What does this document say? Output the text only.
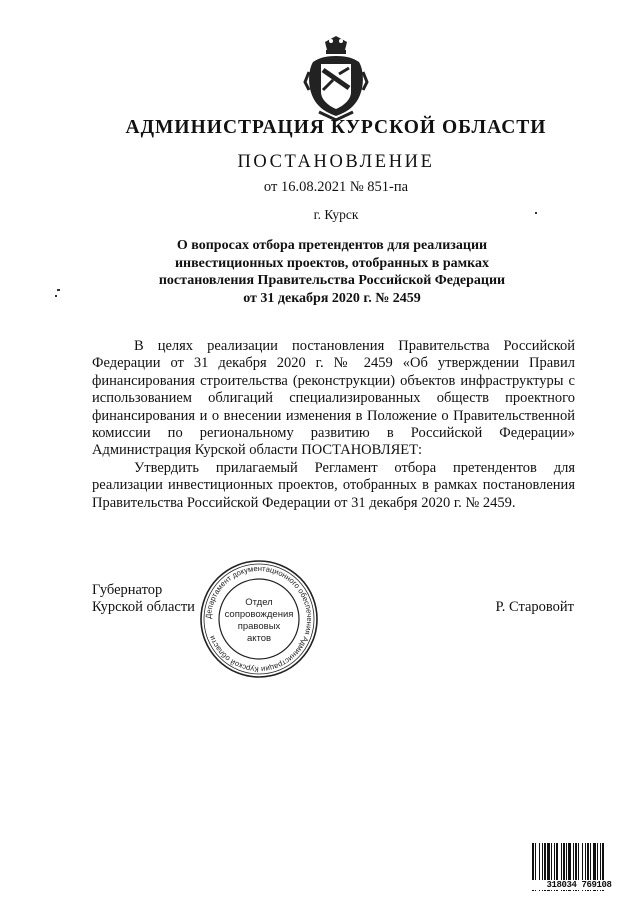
АДМИНИСТРАЦИЯ КУРСКОЙ ОБЛАСТИ
ПОСТАНОВЛЕНИЕ
от 16.08.2021 № 851-па
г. Курск
О вопросах отбора претендентов для реализации
инвестиционных проектов, отобранных в рамках
постановления Правительства Российской Федерации
от 31 декабря 2020 г. № 2459

В целях реализации постановления Правительства Российской Федерации от 31 декабря 2020 г. № 2459 «Об утверждении Правил финансирования строительства (реконструкции) объектов инфраструктуры с использованием облигаций специализированных обществ проектного финансирования и о внесении изменения в Положение о Правительственной комиссии по региональному развитию в Российской Федерации» Администрация Курской области ПОСТАНОВЛЯЕТ:

Утвердить прилагаемый Регламент отбора претендентов для реализации инвестиционных проектов, отобранных в рамках постановления Правительства Российской Федерации от 31 декабря 2020 г. № 2459.

Губернатор
Курской области	Р. Старовойт
Департамент документационного обеспечения Администрации Курской области
Отдел
сопровождения
правовых
актов
318034 769108
